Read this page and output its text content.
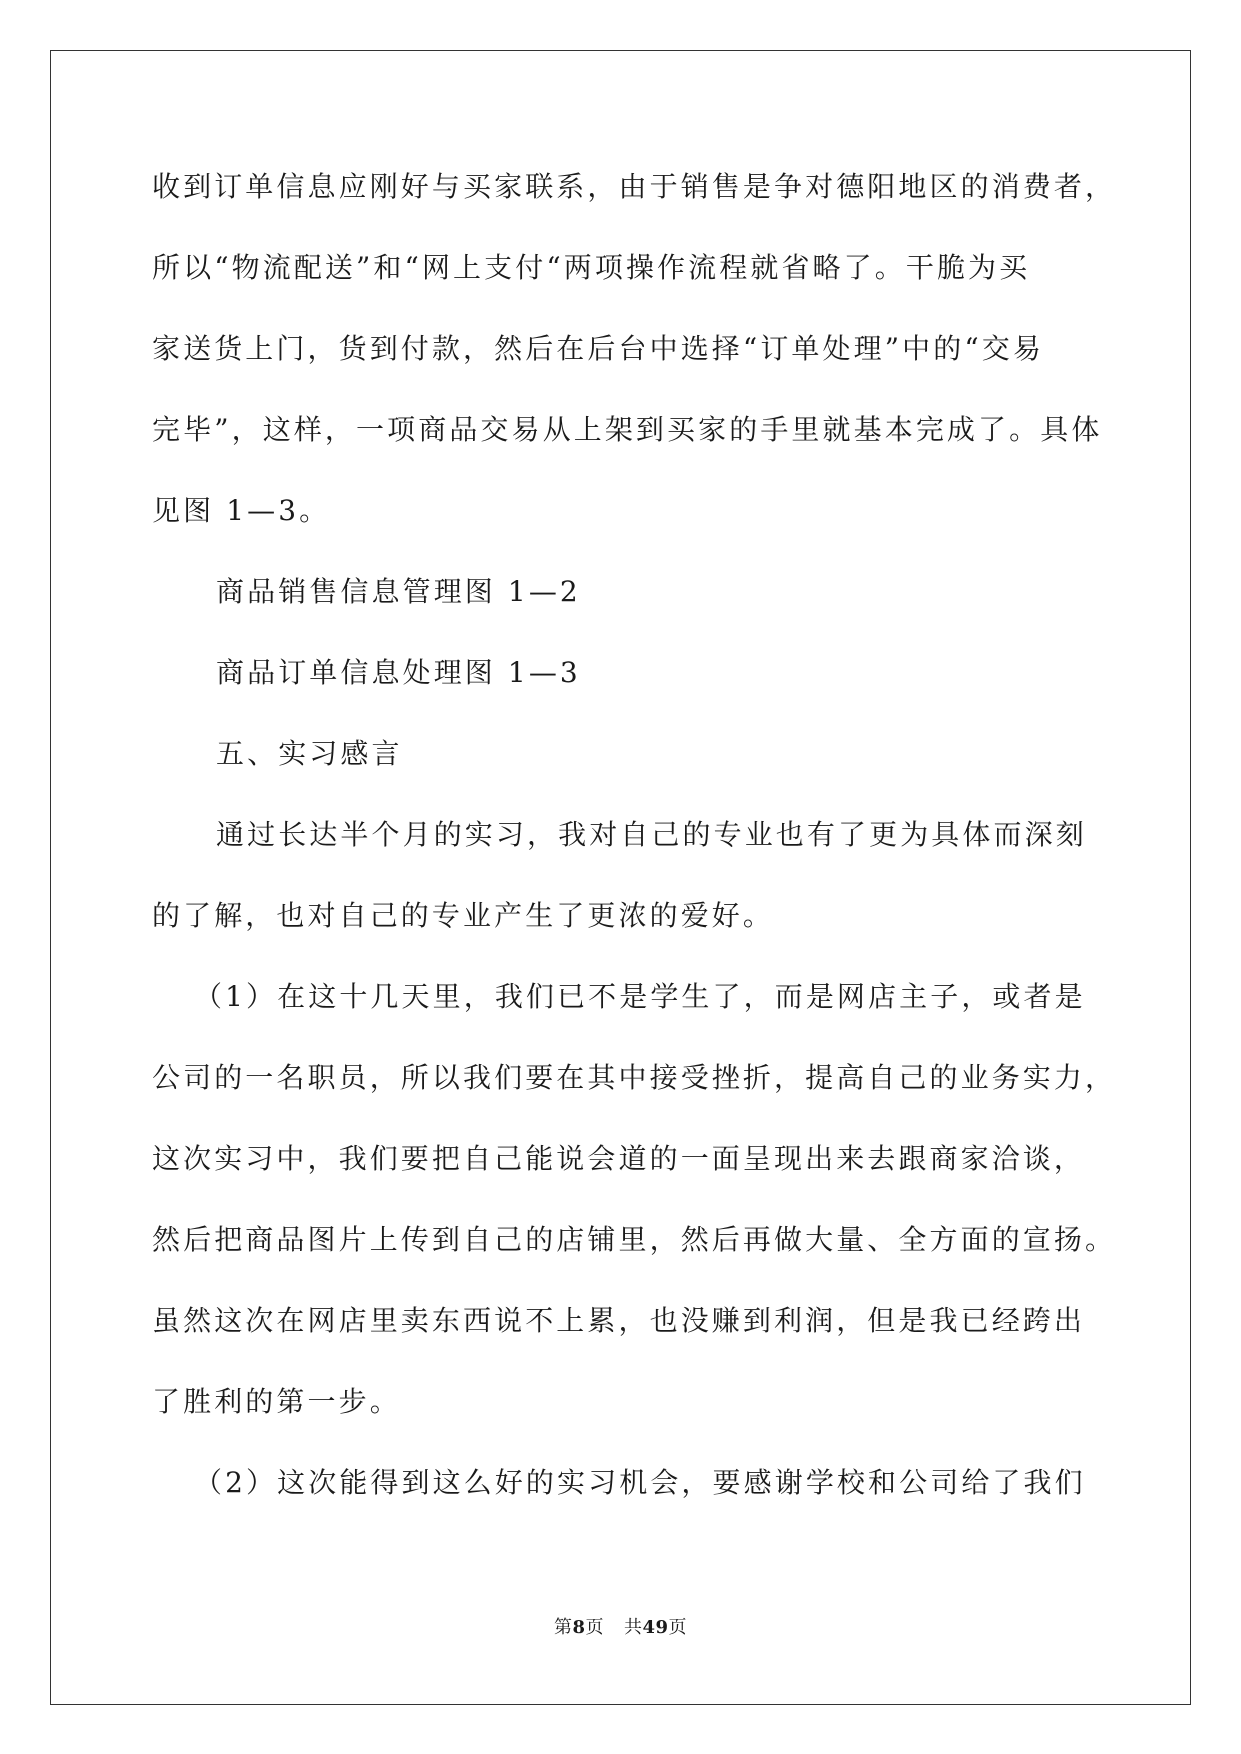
收到订单信息应刚好与买家联系，由于销售是争对德阳地区的消费者，
所以“物流配送”和“网上支付“两项操作流程就省略了。干脆为买
家送货上门，货到付款，然后在后台中选择“订单处理”中的“交易
完毕”，这样，一项商品交易从上架到买家的手里就基本完成了。具体
见图 1—3。
商品销售信息管理图 1—2
商品订单信息处理图 1—3
五、实习感言
通过长达半个月的实习，我对自己的专业也有了更为具体而深刻
的了解，也对自己的专业产生了更浓的爱好。
（1）在这十几天里，我们已不是学生了，而是网店主子，或者是
公司的一名职员，所以我们要在其中接受挫折，提高自己的业务实力，
这次实习中，我们要把自己能说会道的一面呈现出来去跟商家洽谈，
然后把商品图片上传到自己的店铺里，然后再做大量、全方面的宣扬。
虽然这次在网店里卖东西说不上累，也没赚到利润，但是我已经跨出
了胜利的第一步。
（2）这次能得到这么好的实习机会，要感谢学校和公司给了我们
第8页 共49页
